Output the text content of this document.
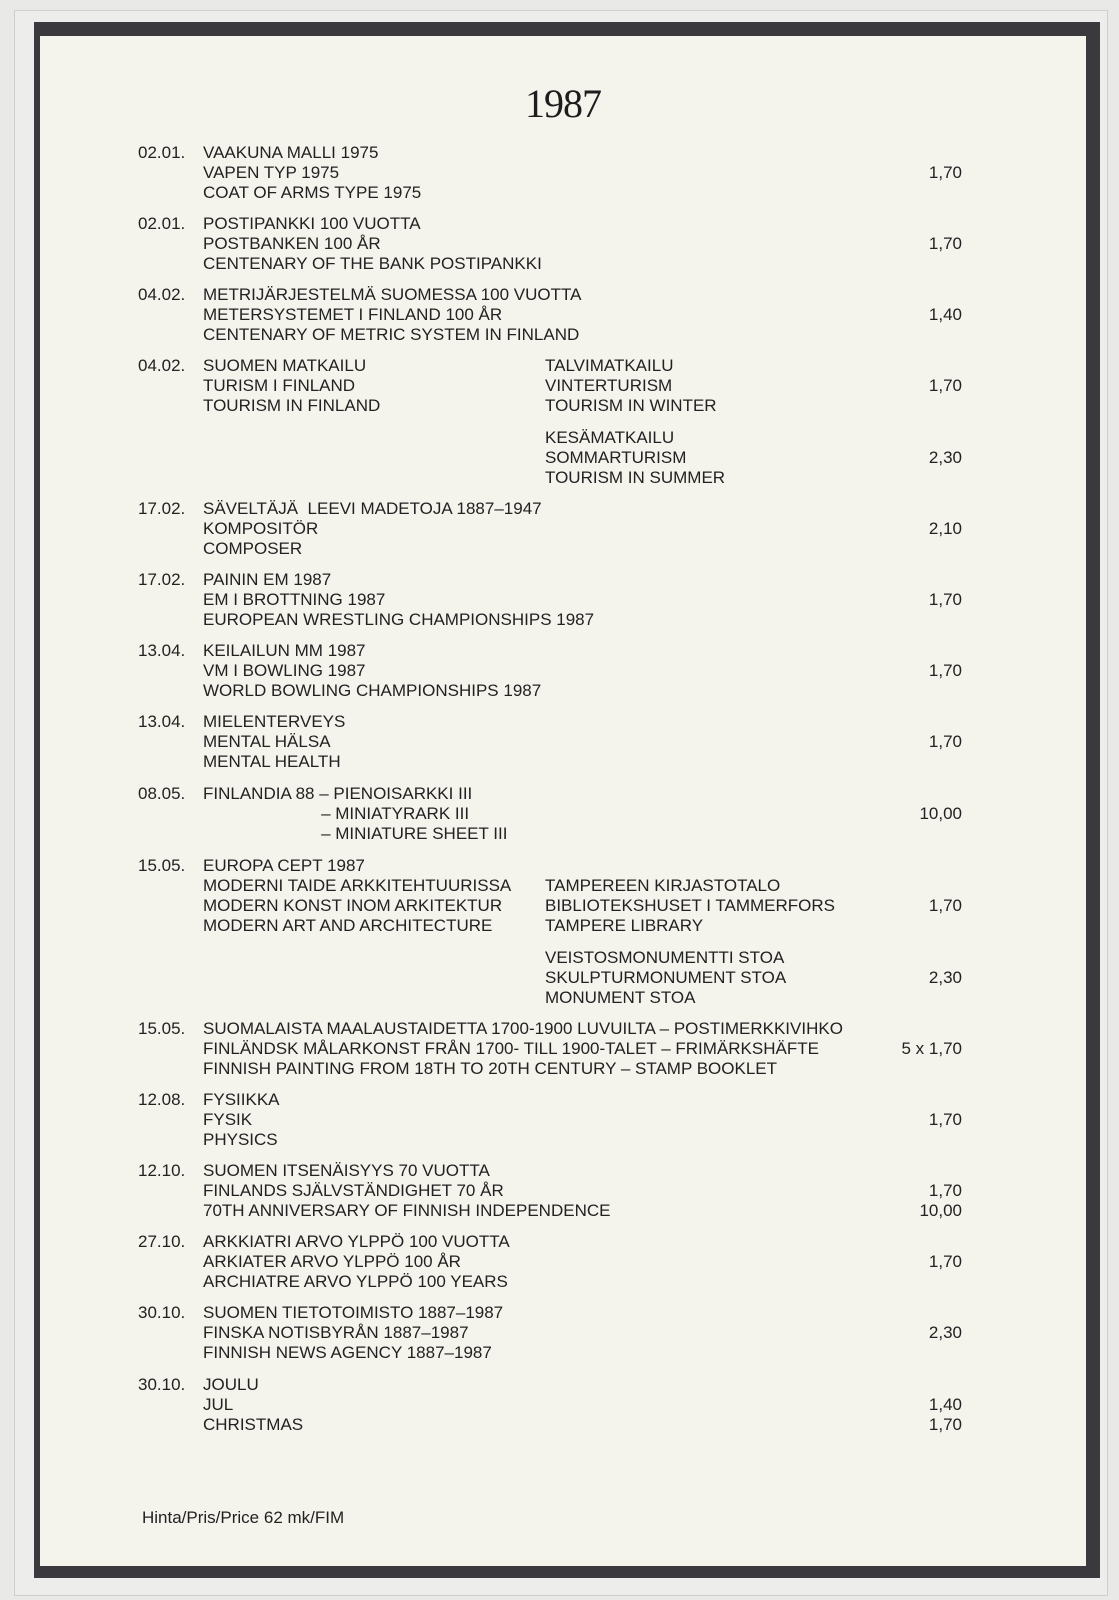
1987
02.01. VAAKUNA MALLI 1975
VAPEN TYP 1975
COAT OF ARMS TYPE 1975
1,70
02.01. POSTIPANKKI 100 VUOTTA
POSTBANKEN 100 ÅR
CENTENARY OF THE BANK POSTIPANKKI
1,70
04.02. METRIJÄRJESTELMÄ SUOMESSA 100 VUOTTA
METERSYSTEMET I FINLAND 100 ÅR
CENTENARY OF METRIC SYSTEM IN FINLAND
1,40
04.02. SUOMEN MATKAILU
TURISM I FINLAND
TOURISM IN FINLAND
TALVIMATKAILU
VINTERTURISM
TOURISM IN WINTER
1,70
KESÄMATKAILU
SOMMARTURISM
TOURISM IN SUMMER
2,30
17.02. SÄVELTÄJÄ  LEEVI MADETOJA 1887–1947
KOMPOSITÖR
COMPOSER
2,10
17.02. PAININ EM 1987
EM I BROTTNING 1987
EUROPEAN WRESTLING CHAMPIONSHIPS 1987
1,70
13.04. KEILAILUN MM 1987
VM I BOWLING 1987
WORLD BOWLING CHAMPIONSHIPS 1987
1,70
13.04. MIELENTERVEYS
MENTAL HÄLSA
MENTAL HEALTH
1,70
08.05. FINLANDIA 88 – PIENOISARKKI III
– MINIATYRARK III
– MINIATURE SHEET III
10,00
15.05. EUROPA CEPT 1987
MODERNI TAIDE ARKKITEHTUURISSA
MODERN KONST INOM ARKITEKTUR
MODERN ART AND ARCHITECTURE
TAMPEREEN KIRJASTOTALO
BIBLIOTEKSHUSET I TAMMERFORS
TAMPERE LIBRARY
1,70
VEISTOSMONUMENTTI STOA
SKULPTURMONUMENT STOA
MONUMENT STOA
2,30
15.05. SUOMALAISTA MAALAUSTAIDETTA 1700-1900 LUVUILTA – POSTIMERKKIVIHKO
FINLÄNDSK MÅLARKONST FRÅN 1700- TILL 1900-TALET – FRIMÄRKSHÄFTE
FINNISH PAINTING FROM 18TH TO 20TH CENTURY – STAMP BOOKLET
5 x 1,70
12.08. FYSIIKKA
FYSIK
PHYSICS
1,70
12.10. SUOMEN ITSENÄISYYS 70 VUOTTA
FINLANDS SJÄLVSTÄNDIGHET 70 ÅR
70TH ANNIVERSARY OF FINNISH INDEPENDENCE
1,70
10,00
27.10. ARKKIATRI ARVO YLPPÖ 100 VUOTTA
ARKIATER ARVO YLPPÖ 100 ÅR
ARCHIATRE ARVO YLPPÖ 100 YEARS
1,70
30.10. SUOMEN TIETOTOIMISTO 1887–1987
FINSKA NOTISBYRÅN 1887–1987
FINNISH NEWS AGENCY 1887–1987
2,30
30.10. JOULU
JUL
CHRISTMAS
1,40
1,70
Hinta/Pris/Price 62 mk/FIM
